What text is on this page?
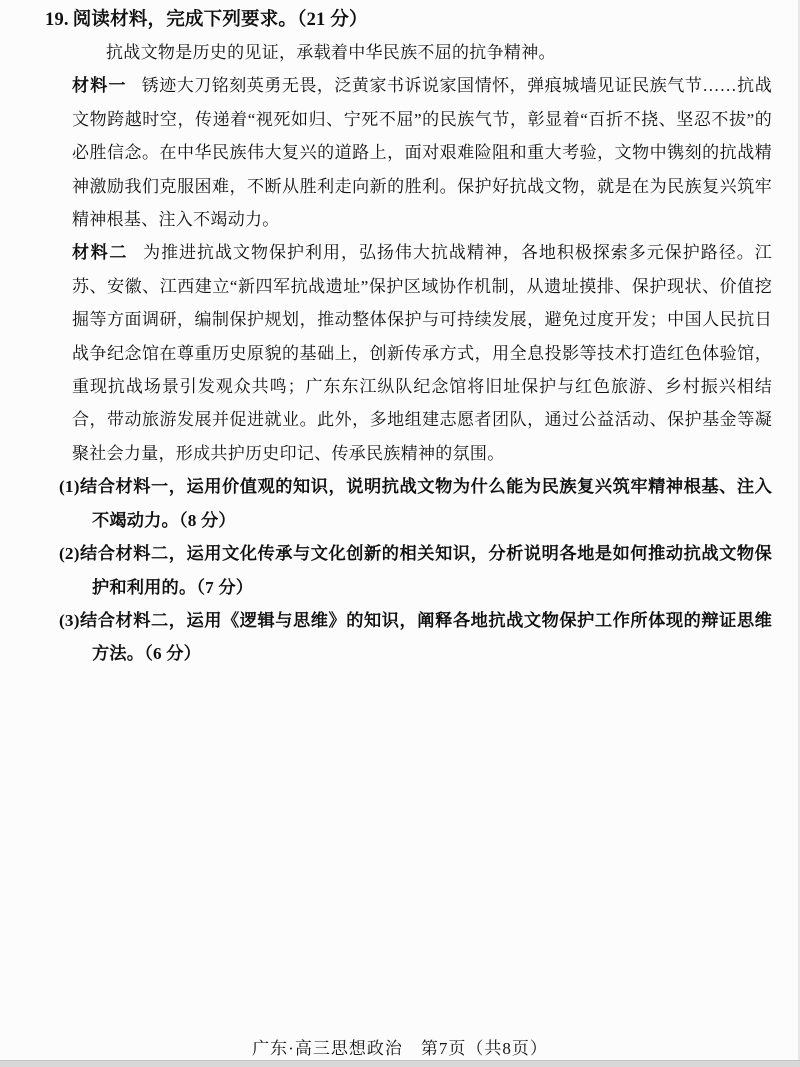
19. 阅读材料，完成下列要求。（21 分）

抗战文物是历史的见证，承载着中华民族不屈的抗争精神。

材料一 锈迹大刀铭刻英勇无畏，泛黄家书诉说家国情怀，弹痕城墙见证民族气节……抗战文物跨越时空，传递着“视死如归、宁死不屈”的民族气节，彰显着“百折不挠、坚忍不拔”的必胜信念。在中华民族伟大复兴的道路上，面对艰难险阻和重大考验，文物中镌刻的抗战精神激励我们克服困难，不断从胜利走向新的胜利。保护好抗战文物，就是在为民族复兴筑牢精神根基、注入不竭动力。

材料二 为推进抗战文物保护利用，弘扬伟大抗战精神，各地积极探索多元保护路径。江苏、安徽、江西建立“新四军抗战遗址”保护区域协作机制，从遗址摸排、保护现状、价值挖掘等方面调研，编制保护规划，推动整体保护与可持续发展，避免过度开发；中国人民抗日战争纪念馆在尊重历史原貌的基础上，创新传承方式，用全息投影等技术打造红色体验馆，重现抗战场景引发观众共鸣；广东东江纵队纪念馆将旧址保护与红色旅游、乡村振兴相结合，带动旅游发展并促进就业。此外，多地组建志愿者团队，通过公益活动、保护基金等凝聚社会力量，形成共护历史印记、传承民族精神的氛围。

(1)结合材料一，运用价值观的知识，说明抗战文物为什么能为民族复兴筑牢精神根基、注入不竭动力。（8 分）

(2)结合材料二，运用文化传承与文化创新的相关知识，分析说明各地是如何推动抗战文物保护和利用的。（7 分）

(3)结合材料二，运用《逻辑与思维》的知识，阐释各地抗战文物保护工作所体现的辩证思维方法。（6 分）

广东·高三思想政治　第7页（共8页）
